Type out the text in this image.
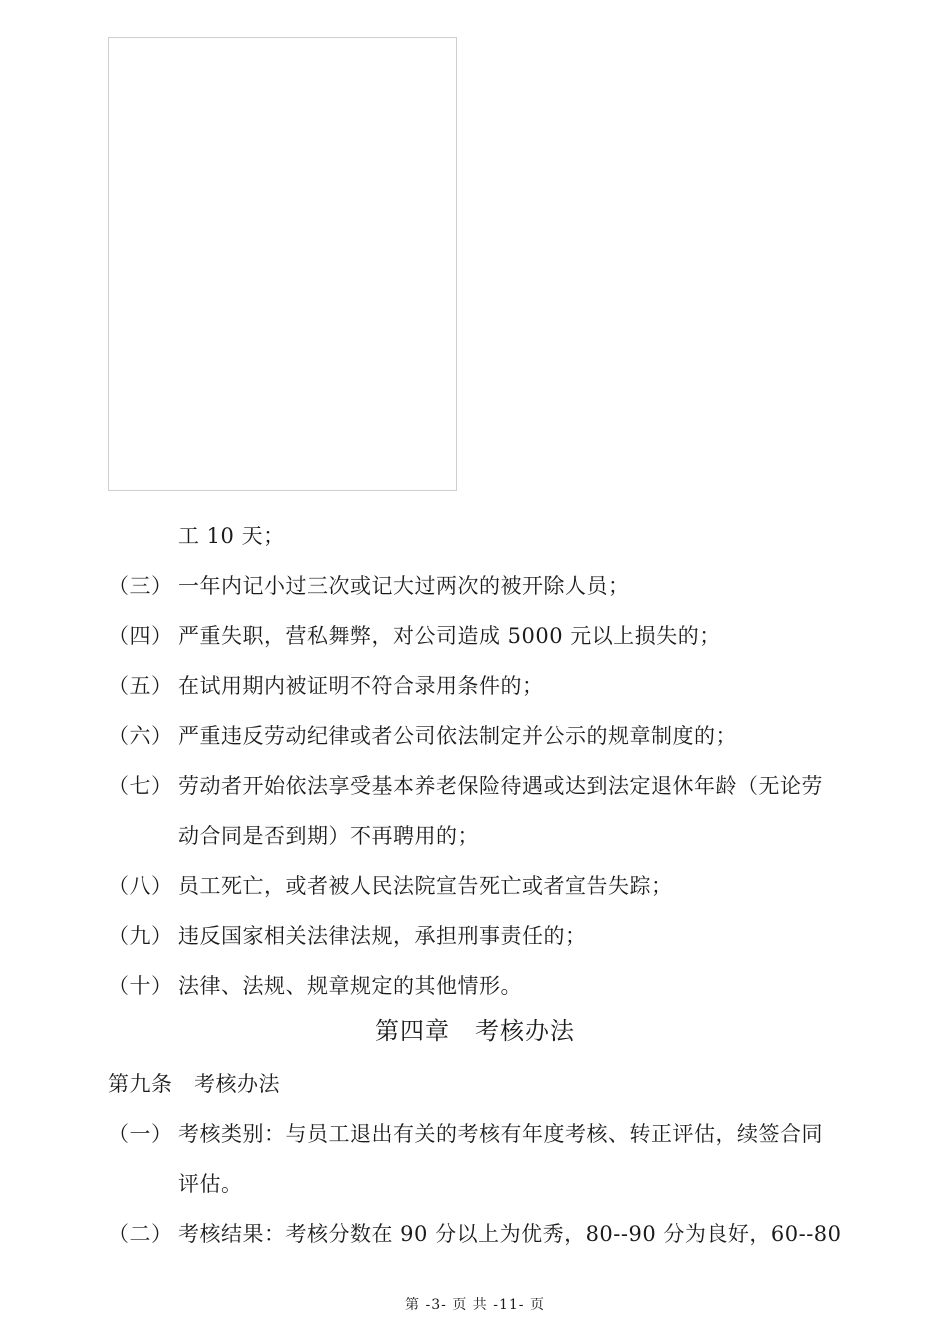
工 10 天；
（三） 一年内记小过三次或记大过两次的被开除人员；
（四） 严重失职，营私舞弊，对公司造成 5000 元以上损失的；
（五） 在试用期内被证明不符合录用条件的；
（六） 严重违反劳动纪律或者公司依法制定并公示的规章制度的；
（七） 劳动者开始依法享受基本养老保险待遇或达到法定退休年龄（无论劳
动合同是否到期）不再聘用的；
（八） 员工死亡，或者被人民法院宣告死亡或者宣告失踪；
（九） 违反国家相关法律法规，承担刑事责任的；
（十） 法律、法规、规章规定的其他情形。
第四章　考核办法
第九条　考核办法
（一） 考核类别：与员工退出有关的考核有年度考核、转正评估，续签合同
评估。
（二） 考核结果：考核分数在 90 分以上为优秀，80--90 分为良好，60--80
第 -3- 页 共 -11- 页
